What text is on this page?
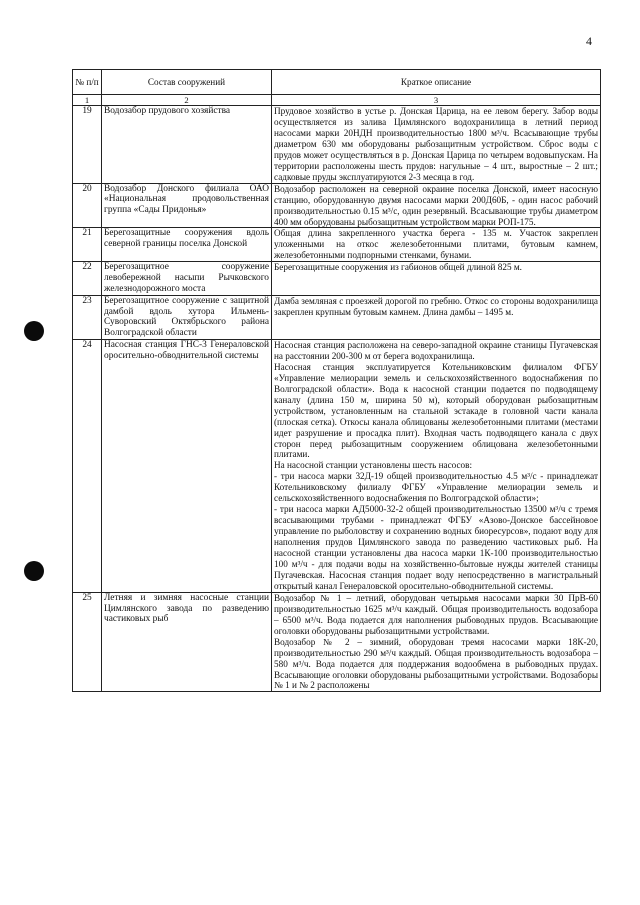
4
№ п/п	Состав сооружений	Краткое описание
1	2	3
19	Водозабор прудового хозяйства	Прудовое хозяйство в устье р. Донская Царица, на ее левом берегу. Забор воды осуществляется из залива Цимлянского водохранилища в летний период насосами марки 20НДН производительностью 1800 м³/ч. Всасывающие трубы диаметром 630 мм оборудованы рыбозащитным устройством. Сброс воды с прудов может осуществляться в р. Донская Царица по четырем водовыпускам. На территории расположены шесть прудов: нагульные – 4 шт., выростные – 2 шт.; садковые пруды эксплуатируются 2-3 месяца в год.

20	Водозабор Донского филиала ОАО «Национальная продовольственная группа «Сады Придонья»	Водозабор расположен на северной окраине поселка Донской, имеет насосную станцию, оборудованную двумя насосами марки 200Д60Б, - один насос рабочий производительностью 0.15 м³/с, один резервный. Всасывающие трубы диаметром 400 мм оборудованы рыбозащитным устройством марки РОП-175.

21	Берегозащитные сооружения вдоль северной границы поселка Донской	Общая длина закрепленного участка берега - 135 м. Участок закреплен уложенными на откос железобетонными плитами, бутовым камнем, железобетонными подпорными стенками, бунами.

22	Берегозащитное сооружение левобережной насыпи Рычковского железнодорожного моста	Берегозащитные сооружения из габионов общей длиной 825 м.

23	Берегозащитное сооружение с защитной дамбой вдоль хутора Ильмень-Суворовский Октябрьского района Волгоградской области	Дамба земляная с проезжей дорогой по гребню. Откос со стороны водохранилища закреплен крупным бутовым камнем. Длина дамбы – 1495 м.

24	Насосная станция ГНС-3 Генераловской оросительно-обводнительной системы	Насосная станция расположена на северо-западной окраине станицы Пугачевская на расстоянии 200-300 м от берега водохранилища.
Насосная станция эксплуатируется Котельниковским филиалом ФГБУ «Управление мелиорации земель и сельскохозяйственного водоснабжения по Волгоградской области». Вода к насосной станции подается по подводящему каналу (длина 150 м, ширина 50 м), который оборудован рыбозащитным устройством, установленным на стальной эстакаде в головной части канала (плоская сетка). Откосы канала облицованы железобетонными плитами (местами идет разрушение и просадка плит). Входная часть подводящего канала с двух сторон перед рыбозащитным сооружением облицована железобетонными плитами.
На насосной станции установлены шесть насосов:
- три насоса марки 32Д-19 общей производительностью 4.5 м³/с - принадлежат Котельниковскому филиалу ФГБУ «Управление мелиорации земель и сельскохозяйственного водоснабжения по Волгоградской области»;
- три насоса марки АД5000-32-2 общей производительностью 13500 м³/ч с тремя всасывающими трубами - принадлежат ФГБУ «Азово-Донское бассейновое управление по рыболовству и сохранению водных биоресурсов», подают воду для наполнения прудов Цимлянского завода по разведению частиковых рыб. На насосной станции установлены два насоса марки 1К-100 производительностью 100 м³/ч - для подачи воды на хозяйственно-бытовые нужды жителей станицы Пугачевская. Насосная станция подает воду непосредственно в магистральный открытый канал Генераловской оросительно-обводнительной системы.

25	Летняя и зимняя насосные станции Цимлянского завода по разведению частиковых рыб	Водозабор № 1 – летний, оборудован четырьмя насосами марки 30 ПрВ-60 производительностью 1625 м³/ч каждый. Общая производительность водозабора – 6500 м³/ч. Вода подается для наполнения рыбоводных прудов. Всасывающие оголовки оборудованы рыбозащитными устройствами.
Водозабор № 2 – зимний, оборудован тремя насосами марки 18К-20, производительностью 290 м³/ч каждый. Общая производительность водозабора – 580 м³/ч. Вода подается для поддержания водообмена в рыбоводных прудах. Всасывающие оголовки оборудованы рыбозащитными устройствами. Водозаборы № 1 и № 2 расположены
